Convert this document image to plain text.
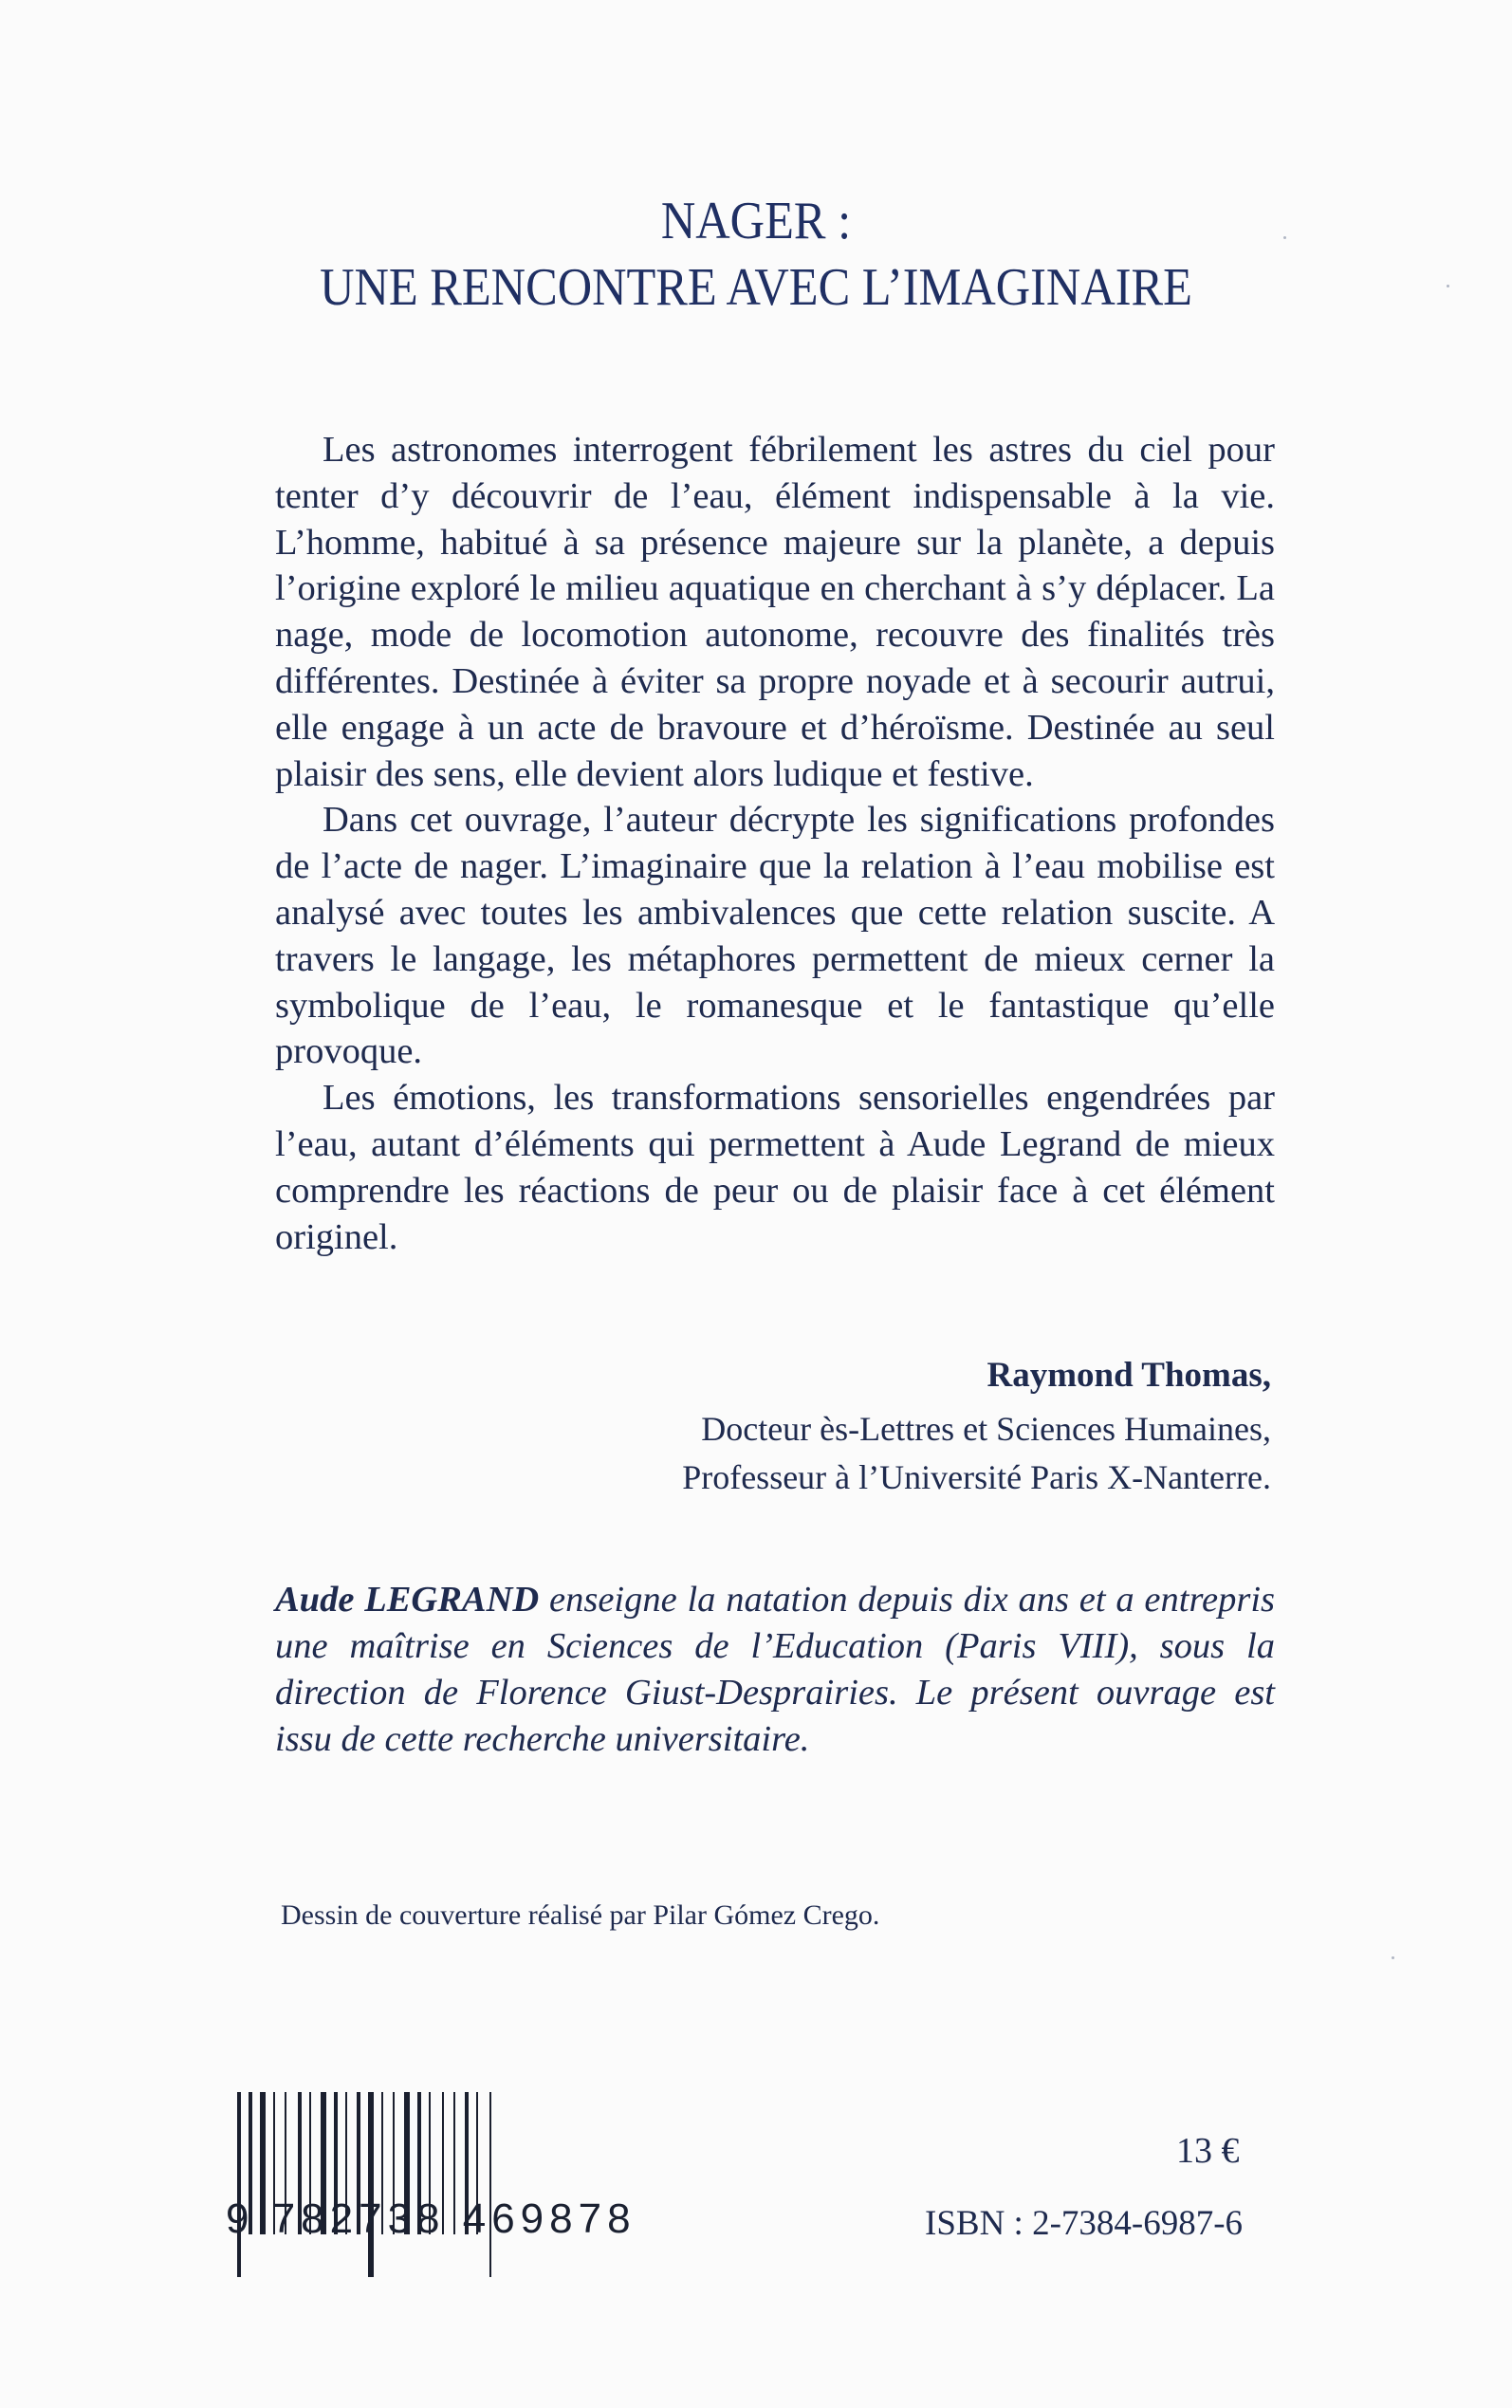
NAGER :
UNE RENCONTRE AVEC L’IMAGINAIRE

Les astronomes interrogent fébrilement les astres du ciel pour tenter d’y découvrir de l’eau, élément indispensable à la vie. L’homme, habitué à sa présence majeure sur la planète, a depuis l’origine exploré le milieu aquatique en cherchant à s’y déplacer. La nage, mode de locomotion autonome, recouvre des finalités très différentes. Destinée à éviter sa propre noyade et à secourir autrui, elle engage à un acte de bravoure et d’héroïsme. Destinée au seul plaisir des sens, elle devient alors ludique et festive.

Dans cet ouvrage, l’auteur décrypte les significations profondes de l’acte de nager. L’imaginaire que la relation à l’eau mobilise est analysé avec toutes les ambivalences que cette relation suscite. A travers le langage, les métaphores permettent de mieux cerner la symbolique de l’eau, le romanesque et le fantastique qu’elle provoque.

Les émotions, les transformations sensorielles engendrées par l’eau, autant d’éléments qui permettent à Aude Legrand de mieux comprendre les réactions de peur ou de plaisir face à cet élément originel.

Raymond Thomas,
Docteur ès-Lettres et Sciences Humaines,
Professeur à l’Université Paris X-Nanterre.
Aude LEGRAND enseigne la natation depuis dix ans et a entrepris une maîtrise en Sciences de l’Education (Paris VIII), sous la direction de Florence Giust-Desprairies. Le présent ouvrage est issu de cette recherche universitaire.
Dessin de couverture réalisé par Pilar Gómez Crego.
9 782738 469878
13 €
ISBN : 2-7384-6987-6
